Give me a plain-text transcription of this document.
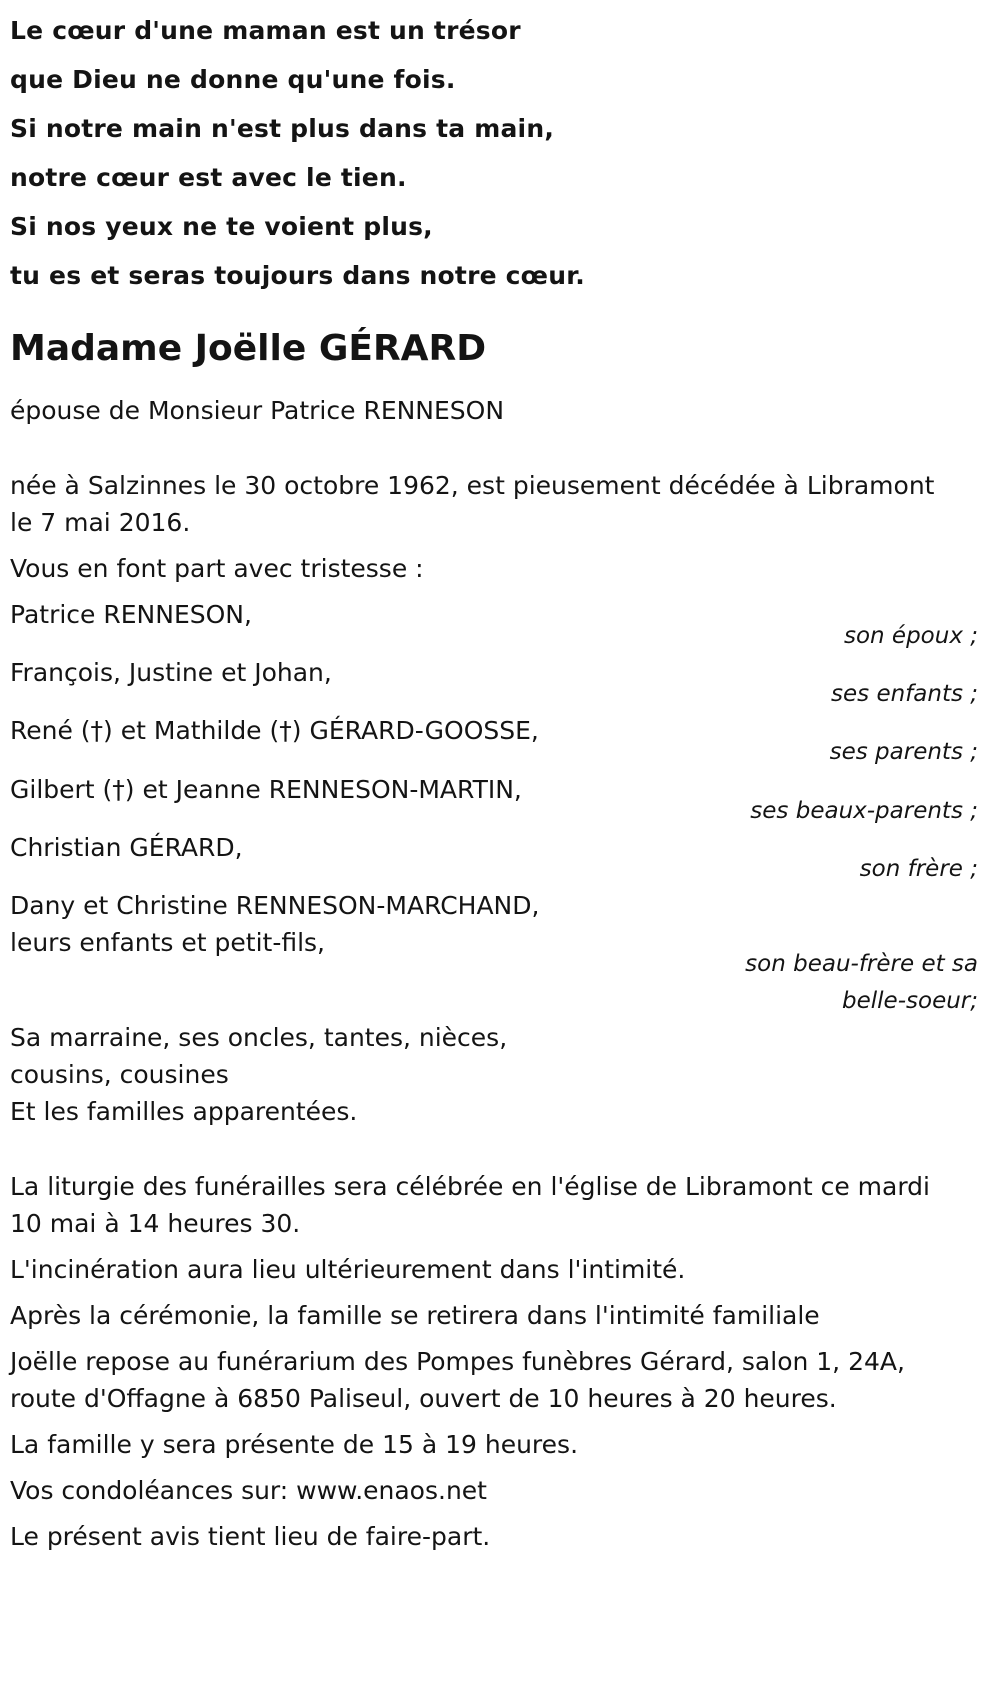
Le cœur d'une maman est un trésor
que Dieu ne donne qu'une fois.
Si notre main n'est plus dans ta main,
notre cœur est avec le tien.
Si nos yeux ne te voient plus,
tu es et seras toujours dans notre cœur.
Madame Joëlle GÉRARD
épouse de Monsieur Patrice RENNESON
née à Salzinnes le 30 octobre 1962, est pieusement décédée à Libramont
le 7 mai 2016.
Vous en font part avec tristesse :
Patrice RENNESON,
son époux ;
François, Justine et Johan,
ses enfants ;
René (†) et Mathilde (†) GÉRARD-GOOSSE,
ses parents ;
Gilbert (†) et Jeanne RENNESON-MARTIN,
ses beaux-parents ;
Christian GÉRARD,
son frère ;
Dany et Christine RENNESON-MARCHAND,
leurs enfants et petit-fils,
son beau-frère et sa
belle-soeur;
Sa marraine, ses oncles, tantes, nièces,
cousins, cousines
Et les familles apparentées.
La liturgie des funérailles sera célébrée en l'église de Libramont ce mardi
10 mai à 14 heures 30.
L'incinération aura lieu ultérieurement dans l'intimité.
Après la cérémonie, la famille se retirera dans l'intimité familiale
Joëlle repose au funérarium des Pompes funèbres Gérard, salon 1, 24A,
route d'Offagne à 6850 Paliseul, ouvert de 10 heures à 20 heures.
La famille y sera présente de 15 à 19 heures.
Vos condoléances sur: www.enaos.net
Le présent avis tient lieu de faire-part.
